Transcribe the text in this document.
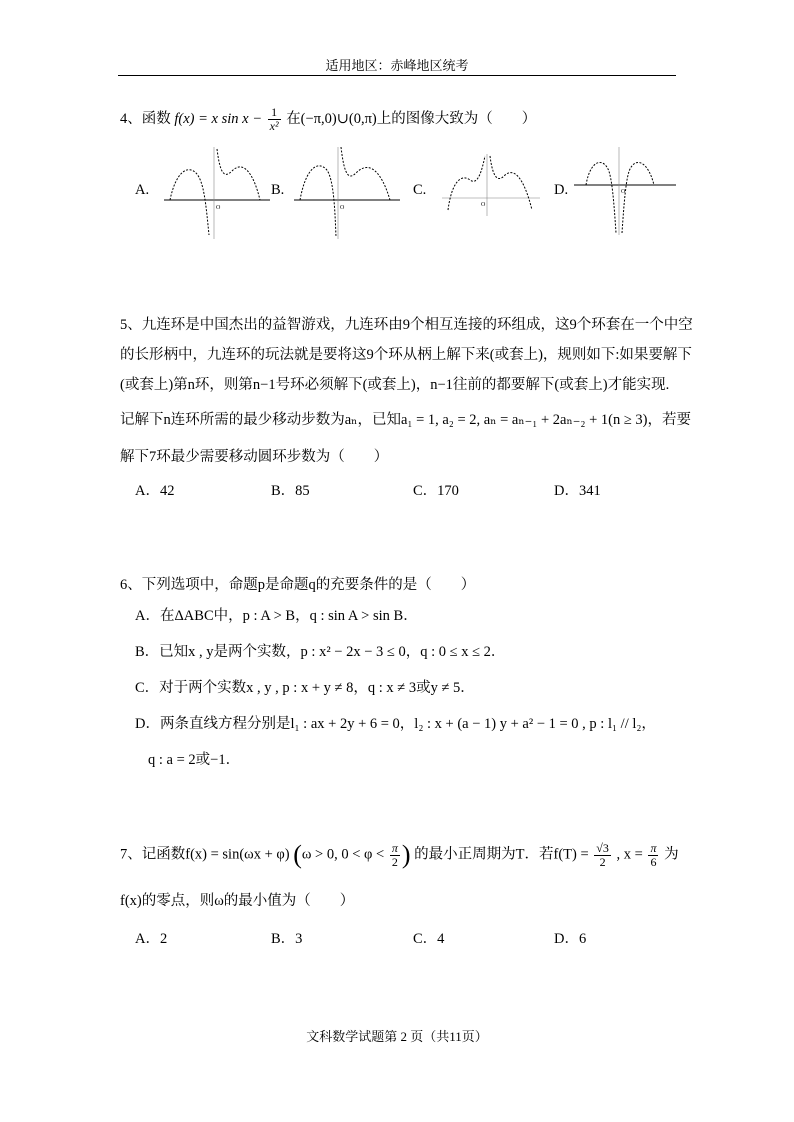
适用地区：赤峰地区统考
4、函数 f(x) = x $\sin x - \frac{1}{\text{x²}}$ 在(−π,0)∪(0,π)上的图像大致为（　　）
A.
O
B.
O
C.
O
D.	O
5、九连环是中国杰出的益智游戏，九连环由9个相互连接的环组成，这9个环套在一个中空
的长形柄中，九连环的玩法就是要将这9个环从柄上解下来(或套上)，规则如下:如果要解下
(或套上)第n环，则第n−1号环必须解下(或套上)，n−1往前的都要解下(或套上)才能实现.
记解下n连环所需的最少移动步数为aₙ，已知a₁ = 1, a₂ = 2, aₙ = aₙ₋₁ + 2aₙ₋₂ + 1(n ≥ 3)，若要
解下7环最少需要移动圆环步数为（　　）
A．42	B．85	C．170	D．341
6、下列选项中，命题p是命题q的充要条件的是（　　）
A．在ΔABC中，p : A > B，q : sin A > sin B．
B．已知x , y是两个实数，p : x² − 2x − 3 ≤ 0，q : 0 ≤ x ≤ 2．
C．对于两个实数x , y , p : x + y ≠ 8，q : x ≠ 3或y ≠ 5．
D．两条直线方程分别是l₁ : ax + 2y + 6 = 0，l₂ : x + (a − 1) y + a² − 1 = 0 , p : l₁ // l₂，
q : a = 2或−1．
7、记函数f(x) = sin(ωx + φ) (ω > 0, $0 < \varphi < \frac{\pi}{2}$ ) 的最小正周期为T．若$f(T) = \frac{√3}{2}$ , $x = \frac{\pi}{6}$ 为
f(x)的零点，则ω的最小值为（　　）
A．2	B．3	C．4	D．6
文科数学试题第 2 页（共11页）
